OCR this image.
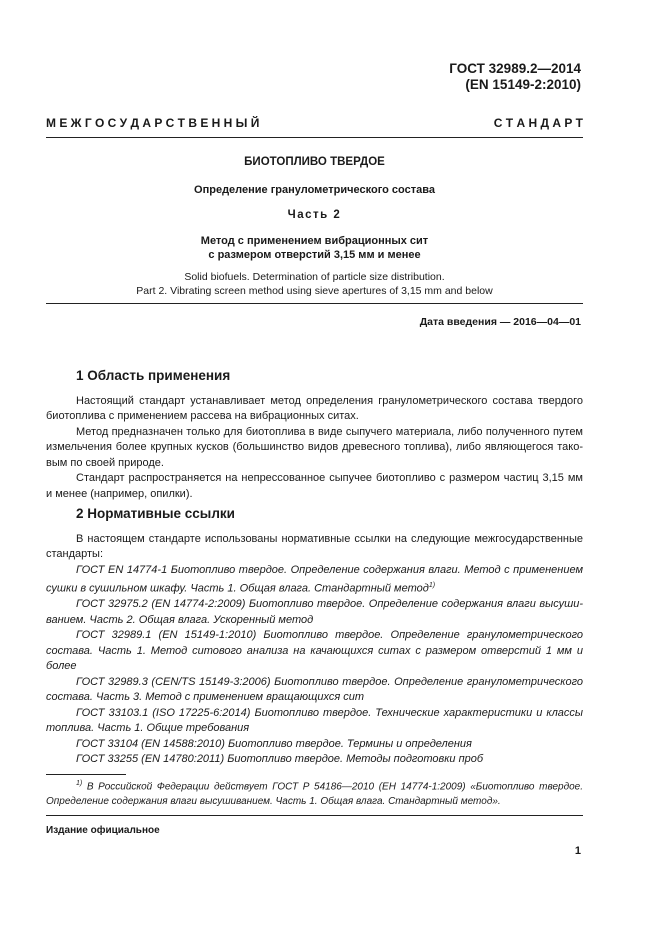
ГОСТ 32989.2—2014
(EN 15149-2:2010)
М Е Ж Г О С У Д А Р С Т В Е Н Н Ы Й	С Т А Н Д А Р Т
БИОТОПЛИВО ТВЕРДОЕ
Определение гранулометрического состава
Часть 2
Метод с применением вибрационных сит
с размером отверстий 3,15 мм и менее
Solid biofuels. Determination of particle size distribution.
Part 2. Vibrating screen method using sieve apertures of 3,15 mm and below
Дата введения — 2016—04—01
1 Область применения

Настоящий стандарт устанавливает метод определения гранулометрического состава твердого биотоплива с применением рассева на вибрационных ситах.

Метод предназначен только для биотоплива в виде сыпучего материала, либо полученного путем измельчения более крупных кусков (большинство видов древесного топлива), либо являющегося тако-вым по своей природе.

Стандарт распространяется на непрессованное сыпучее биотопливо с размером частиц 3,15 мм и менее (например, опилки).

2 Нормативные ссылки

В настоящем стандарте использованы нормативные ссылки на следующие межгосударственные стандарты:

ГОСТ EN 14774-1 Биотопливо твердое. Определение содержания влаги. Метод с применением сушки в сушильном шкафу. Часть 1. Общая влага. Стандартный метод$^{1)}$

ГОСТ 32975.2 (EN 14774-2:2009) Биотопливо твердое. Определение содержания влаги высуши-ванием. Часть 2. Общая влага. Ускоренный метод

ГОСТ 32989.1 (EN 15149-1:2010) Биотопливо твердое. Определение гранулометрического состава. Часть 1. Метод ситового анализа на качающихся ситах с размером отверстий 1 мм и более

ГОСТ 32989.3 (CEN/TS 15149-3:2006) Биотопливо твердое. Определение гранулометрического состава. Часть 3. Метод с применением вращающихся сит

ГОСТ 33103.1 (ISO 17225-6:2014) Биотопливо твердое. Технические характеристики и классы топлива. Часть 1. Общие требования

ГОСТ 33104 (EN 14588:2010) Биотопливо твердое. Термины и определения

ГОСТ 33255 (EN 14780:2011) Биотопливо твердое. Методы подготовки проб

$^{1)}$ В Российской Федерации действует ГОСТ Р 54186—2010 (EH 14774-1:2009) «Биотопливо твердое. Определение содержания влаги высушиванием. Часть 1. Общая влага. Стандартный метод».
Издание официальное
1
